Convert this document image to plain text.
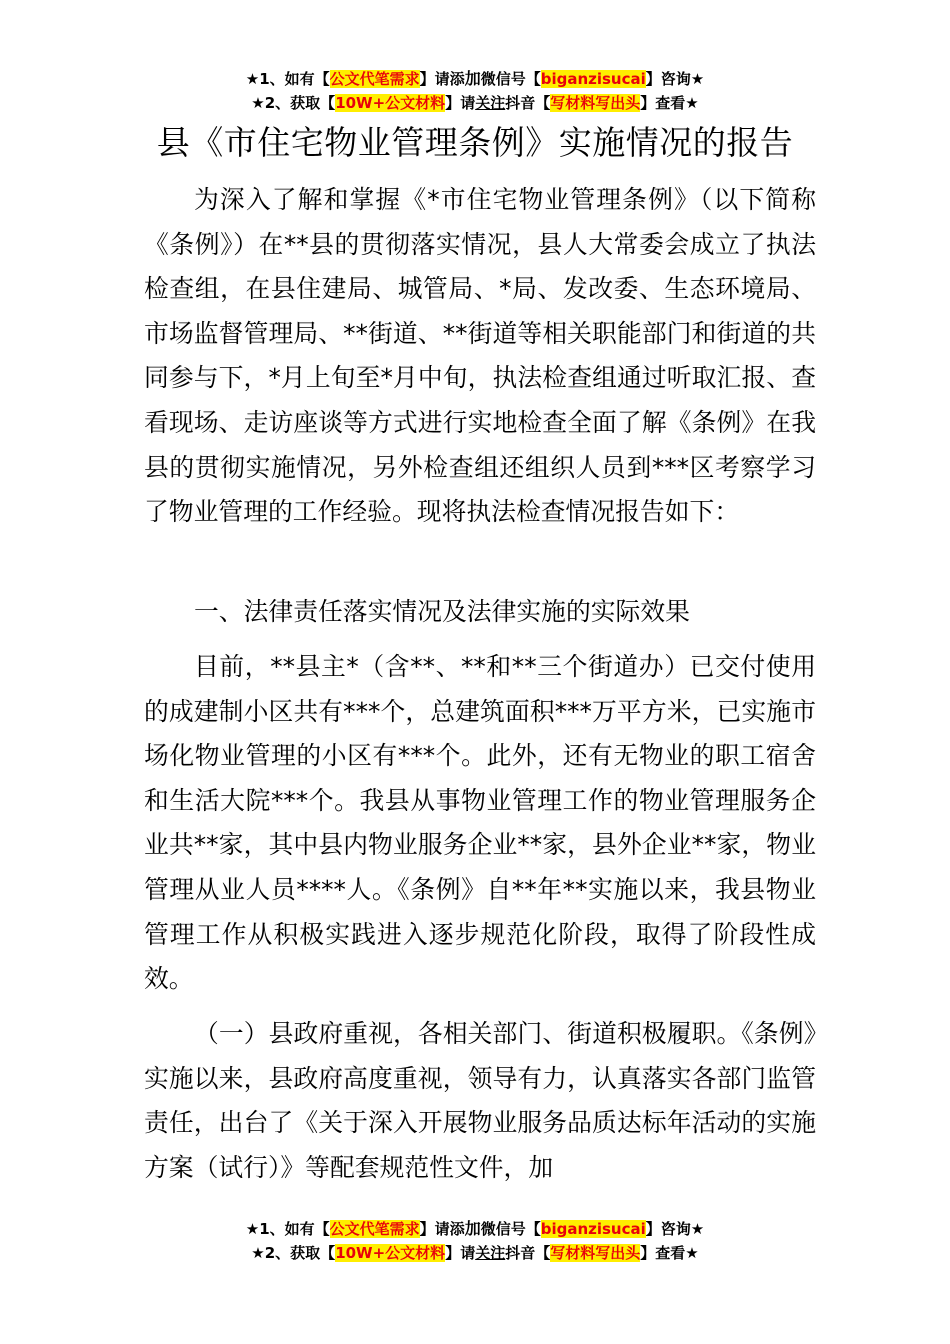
★1、如有【公文代笔需求】请添加微信号【biganzisucai】咨询★
★2、获取【10W+公文材料】请关注抖音【写材料写出头】查看★
县《市住宅物业管理条例》实施情况的报告
为深入了解和掌握《*市住宅物业管理条例》（以下简称《条例》）在**县的贯彻落实情况，县人大常委会成立了执法检查组，在县住建局、城管局、*局、发改委、生态环境局、市场监督管理局、**街道、**街道等相关职能部门和街道的共同参与下，*月上旬至*月中旬，执法检查组通过听取汇报、查看现场、走访座谈等方式进行实地检查全面了解《条例》在我县的贯彻实施情况，另外检查组还组织人员到***区考察学习了物业管理的工作经验。现将执法检查情况报告如下：
一、法律责任落实情况及法律实施的实际效果
目前，**县主*（含**、**和**三个街道办）已交付使用的成建制小区共有***个，总建筑面积***万平方米，已实施市场化物业管理的小区有***个。此外，还有无物业的职工宿舍和生活大院***个。我县从事物业管理工作的物业管理服务企业共**家，其中县内物业服务企业**家，县外企业**家，物业管理从业人员****人。《条例》自**年**实施以来，我县物业管理工作从积极实践进入逐步规范化阶段，取得了阶段性成效。
（一）县政府重视，各相关部门、街道积极履职。《条例》实施以来，县政府高度重视，领导有力，认真落实各部门监管责任，出台了《关于深入开展物业服务品质达标年活动的实施方案（试行）》等配套规范性文件，加
★1、如有【公文代笔需求】请添加微信号【biganzisucai】咨询★
★2、获取【10W+公文材料】请关注抖音【写材料写出头】查看★
